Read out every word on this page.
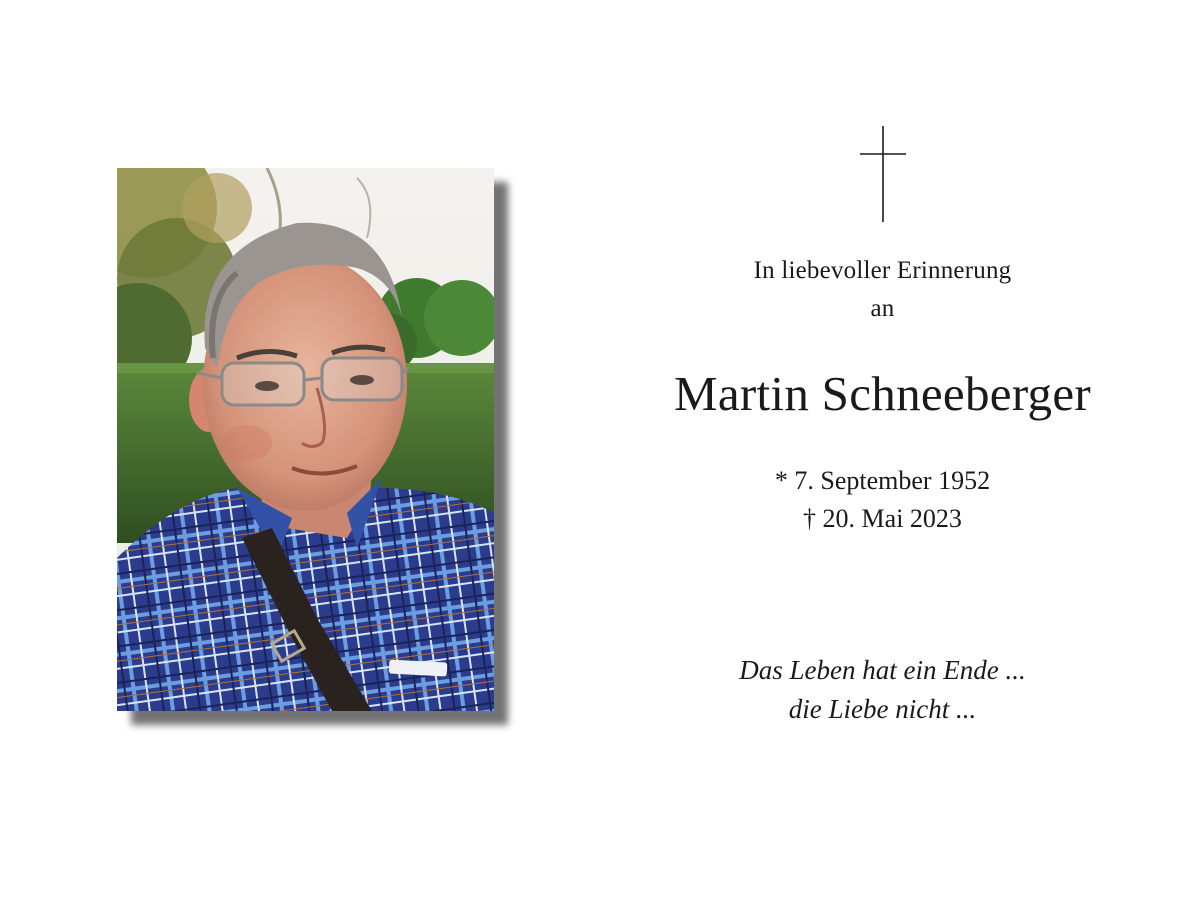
In liebevoller Erinnerung
an
Martin Schneeberger
* 7. September 1952
† 20. Mai 2023
Das Leben hat ein Ende ...
die Liebe nicht ...
